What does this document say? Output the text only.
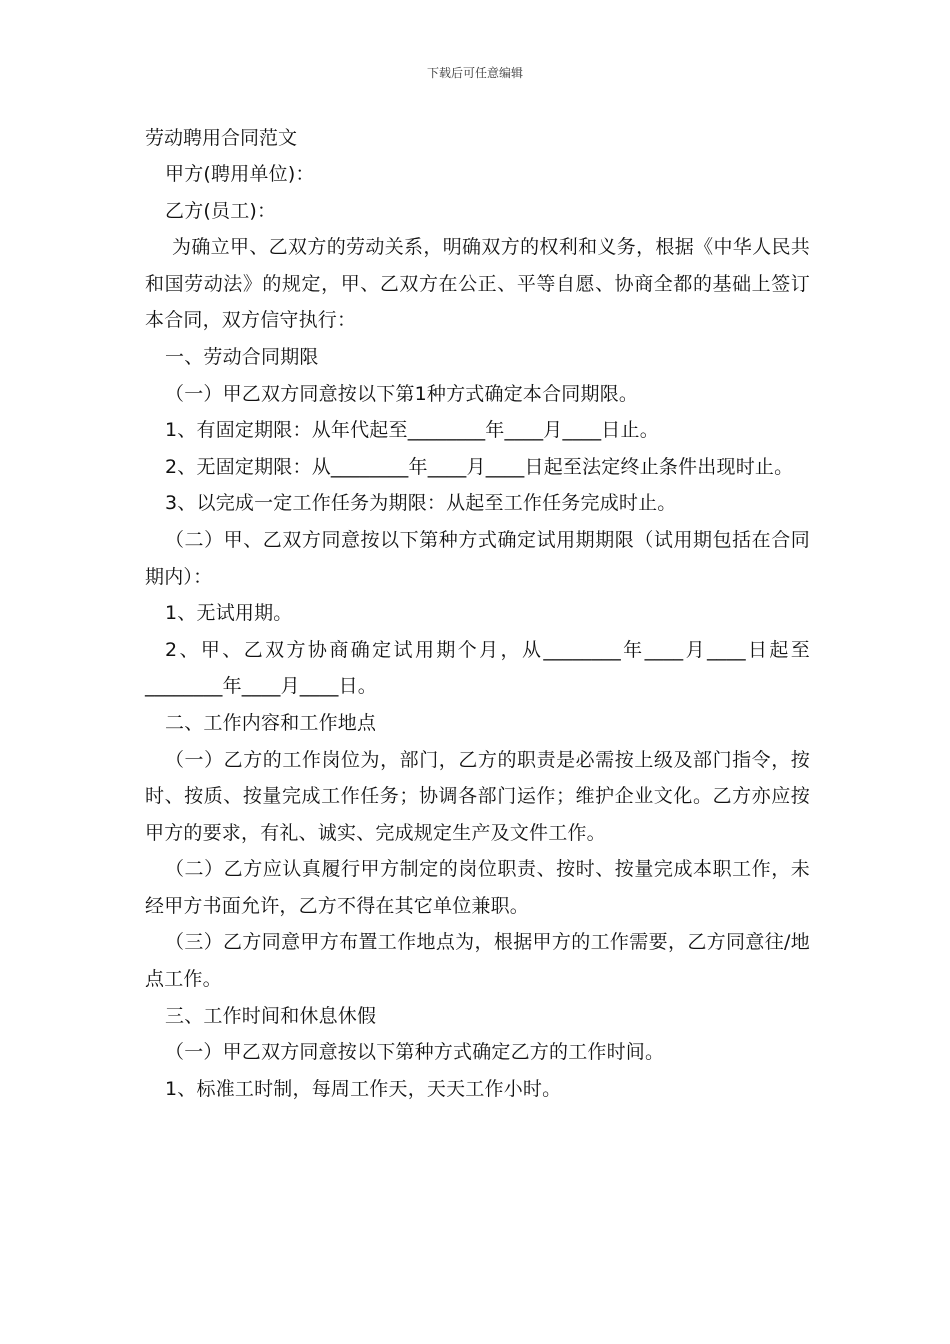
下载后可任意编辑

劳动聘用合同范文

甲方(聘用单位)：

乙方(员工)：

为确立甲、乙双方的劳动关系，明确双方的权利和义务，根据《中华人民共和国劳动法》的规定，甲、乙双方在公正、平等自愿、协商全都的基础上签订本合同，双方信守执行：

一、劳动合同期限

（一）甲乙双方同意按以下第1种方式确定本合同期限。

1、有固定期限：从年代起至________年____月____日止。

2、无固定期限：从________年____月____日起至法定终止条件出现时止。

3、以完成一定工作任务为期限：从起至工作任务完成时止。

（二）甲、乙双方同意按以下第种方式确定试用期期限（试用期包括在合同期内）：

1、无试用期。

2、甲、乙双方协商确定试用期个月，从________年____月____日起至________年____月____日。

二、工作内容和工作地点

（一）乙方的工作岗位为，部门，乙方的职责是必需按上级及部门指令，按时、按质、按量完成工作任务；协调各部门运作；维护企业文化。乙方亦应按甲方的要求，有礼、诚实、完成规定生产及文件工作。

（二）乙方应认真履行甲方制定的岗位职责、按时、按量完成本职工作，未经甲方书面允许，乙方不得在其它单位兼职。

（三）乙方同意甲方布置工作地点为，根据甲方的工作需要，乙方同意往/地点工作。

三、工作时间和休息休假

（一）甲乙双方同意按以下第种方式确定乙方的工作时间。

1、标准工时制，每周工作天，天天工作小时。
